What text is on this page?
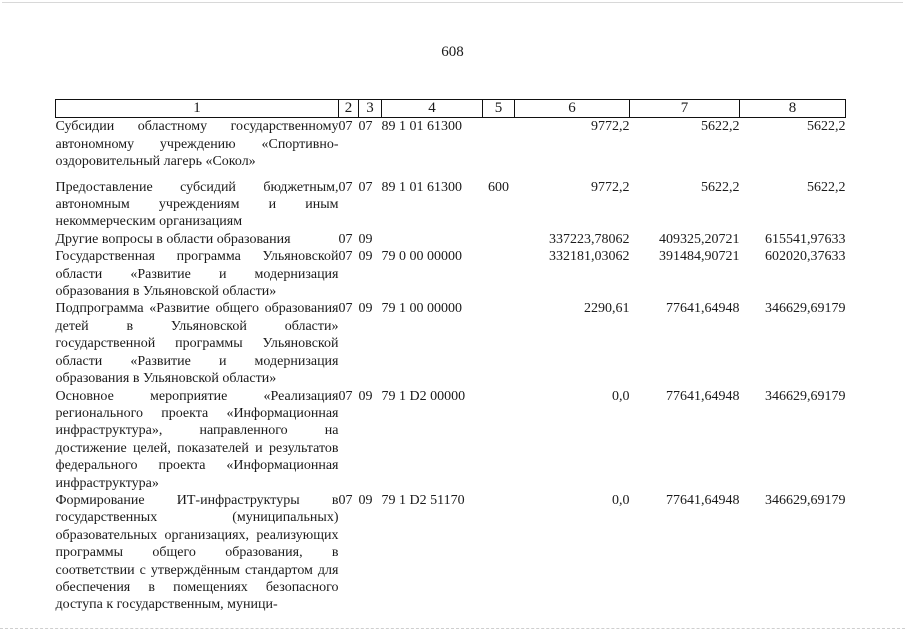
608
1	2	3	4	5	6	7	8
Субсидии областному государственному автономному учреждению «Спортивно-оздоровительный лагерь «Сокол»	07	07	89 1 01 61300		9772,2	5622,2	5622,2
Предоставление субсидий бюджетным, автономным учреждениям и иным некоммерческим организациям	07	07	89 1 01 61300	600	9772,2	5622,2	5622,2
Другие вопросы в области образования	07	09			337223,78062	409325,20721	615541,97633
Государственная программа Ульяновской области «Развитие и модернизация образования в Ульяновской области»	07	09	79 0 00 00000		332181,03062	391484,90721	602020,37633
Подпрограмма «Развитие общего образования детей в Ульяновской области» государственной программы Ульяновской области «Развитие и модернизация образования в Ульяновской области»	07	09	79 1 00 00000		2290,61	77641,64948	346629,69179
Основное мероприятие «Реализация регионального проекта «Информационная инфраструктура», направленного на достижение целей, показателей и результатов федерального проекта «Информационная инфраструктура»	07	09	79 1 D2 00000		0,0	77641,64948	346629,69179
Формирование ИТ-инфраструктуры в государственных (муниципальных) образовательных организациях, реализующих программы общего образования, в соответствии с утверждённым стандартом для обеспечения в помещениях безопасного доступа к государственным, муници-	07	09	79 1 D2 51170		0,0	77641,64948	346629,69179
